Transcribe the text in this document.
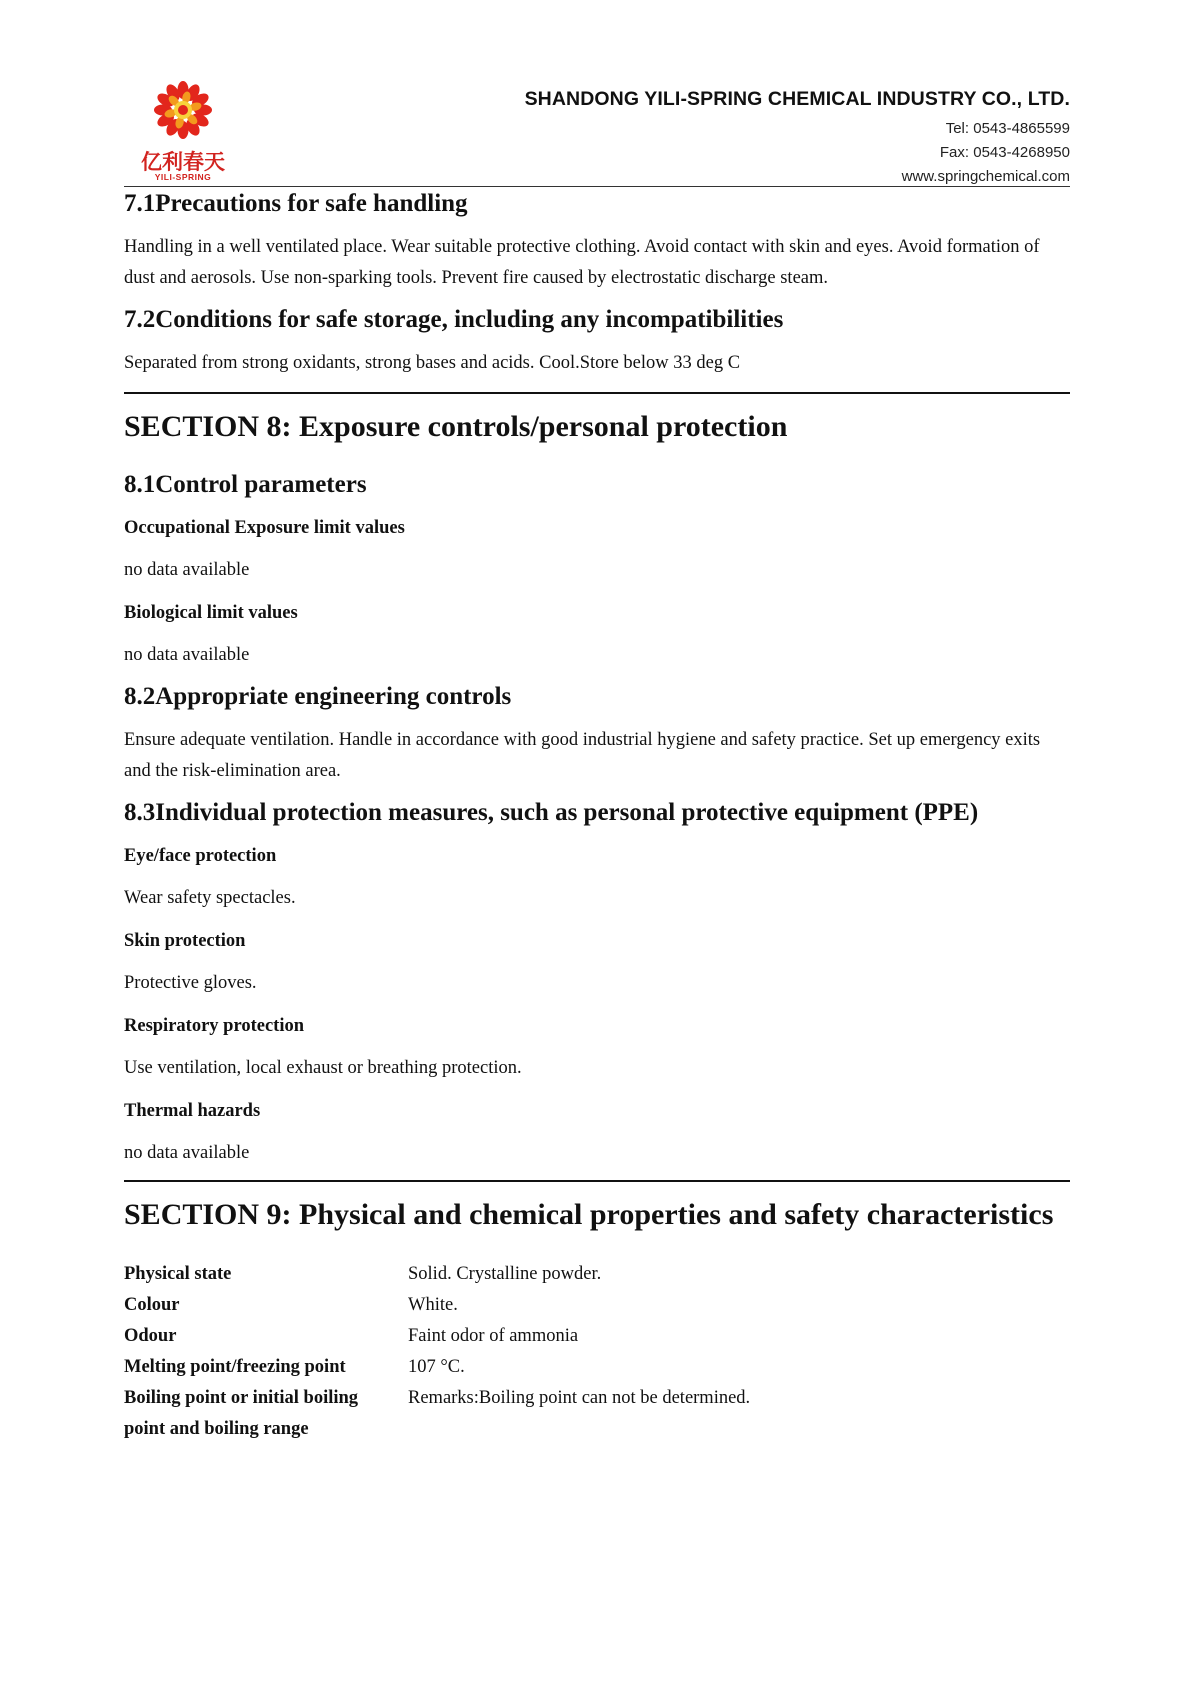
亿利春天
YILI-SPRING
SHANDONG YILI-SPRING CHEMICAL INDUSTRY CO., LTD.
Tel: 0543-4865599
Fax: 0543-4268950
www.springchemical.com
7.1Precautions for safe handling

Handling in a well ventilated place. Wear suitable protective clothing. Avoid contact with skin and eyes. Avoid formation of dust and aerosols. Use non-sparking tools. Prevent fire caused by electrostatic discharge steam.

7.2Conditions for safe storage, including any incompatibilities

Separated from strong oxidants, strong bases and acids. Cool.Store below 33 deg C

SECTION 8: Exposure controls/personal protection
8.1Control parameters

Occupational Exposure limit values

no data available

Biological limit values

no data available

8.2Appropriate engineering controls

Ensure adequate ventilation. Handle in accordance with good industrial hygiene and safety practice. Set up emergency exits and the risk-elimination area.

8.3Individual protection measures, such as personal protective equipment (PPE)

Eye/face protection

Wear safety spectacles.

Skin protection

Protective gloves.

Respiratory protection

Use ventilation, local exhaust or breathing protection.

Thermal hazards

no data available

SECTION 9: Physical and chemical properties and safety characteristics
Physical state	Solid. Crystalline powder.
Colour	White.
Odour	Faint odor of ammonia
Melting point/freezing point	107 °C.
Boiling point or initial boiling point and boiling range	Remarks:Boiling point can not be determined.
